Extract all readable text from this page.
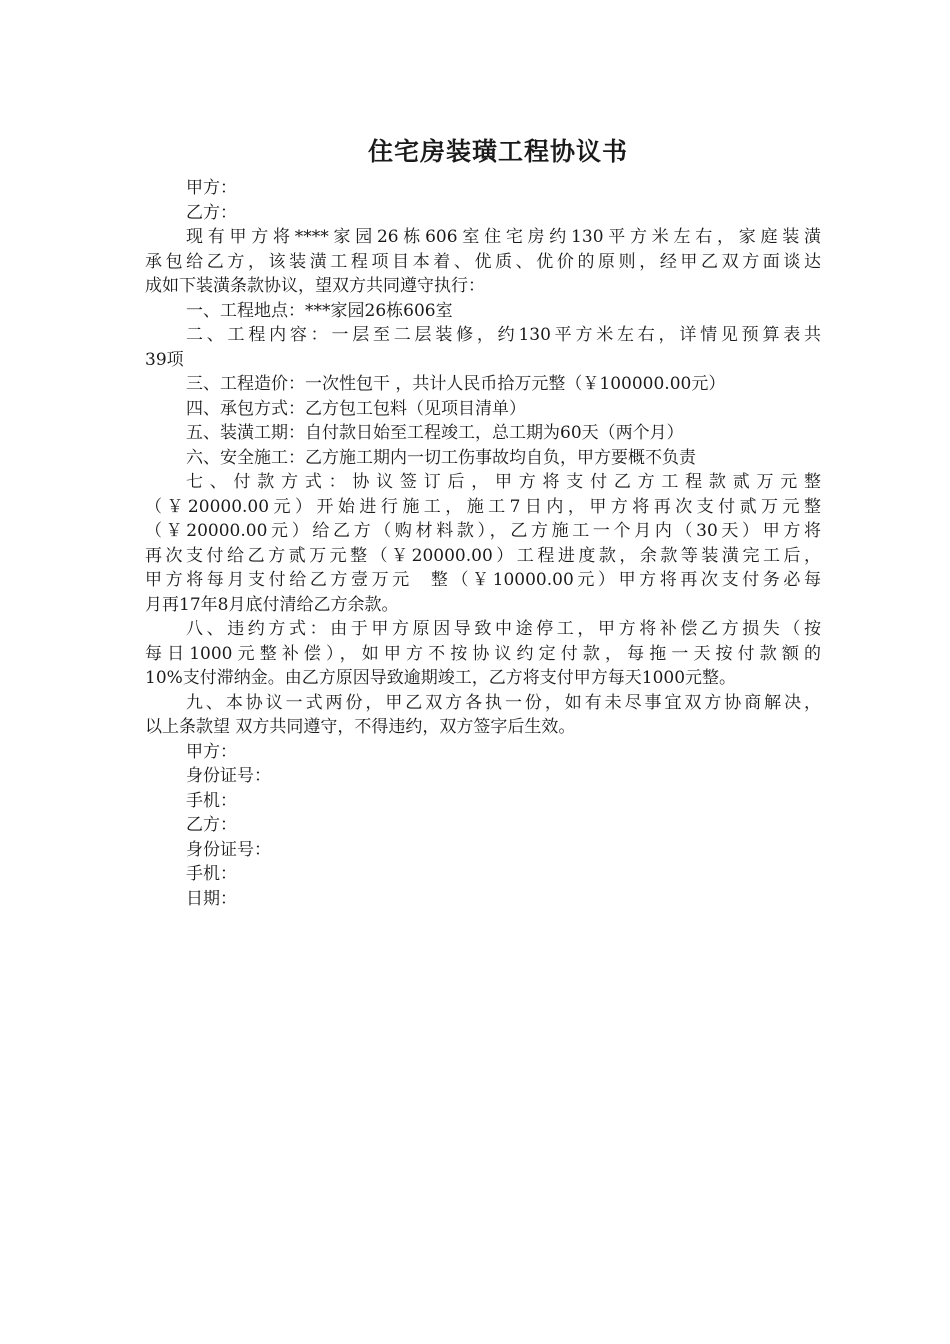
住宅房装璜工程协议书

甲方：

乙方：

现有甲方将****家园26栋606室住宅房约130平方米左右，家庭装潢

承包给乙方，该装潢工程项目本着、优质、优价的原则，经甲乙双方面谈达

成如下装潢条款协议，望双方共同遵守执行：

一、工程地点：***家园26栋606室

二、工程内容：一层至二层装修，约130平方米左右，详情见预算表共

39项

三、工程造价：一次性包干 ，共计人民币拾万元整（￥100000.00元）

四、承包方式：乙方包工包料（见项目清单）

五、装潢工期：自付款日始至工程竣工，总工期为60天（两个月）

六、安全施工：乙方施工期内一切工伤事故均自负，甲方要概不负责

七、付款方式：协议签订后，甲方将支付乙方工程款贰万元整

（￥20000.00元）开始进行施工，施工7日内，甲方将再次支付贰万元整

（￥20000.00元）给乙方（购材料款），乙方施工一个月内（30天）甲方将

再次支付给乙方贰万元整（￥20000.00）工程进度款，余款等装潢完工后，

甲方将每月支付给乙方壹万元  整（￥10000.00元）甲方将再次支付务必每

月再17年8月底付清给乙方余款。

八、违约方式：由于甲方原因导致中途停工，甲方将补偿乙方损失（按

每日1000元整补偿），如甲方不按协议约定付款，每拖一天按付款额的

10%支付滞纳金。由乙方原因导致逾期竣工，乙方将支付甲方每天1000元整。

九、本协议一式两份，甲乙双方各执一份，如有未尽事宜双方协商解决，

以上条款望 双方共同遵守，不得违约，双方签字后生效。

甲方：

身份证号：

手机：

乙方：

身份证号：

手机：

日期：
